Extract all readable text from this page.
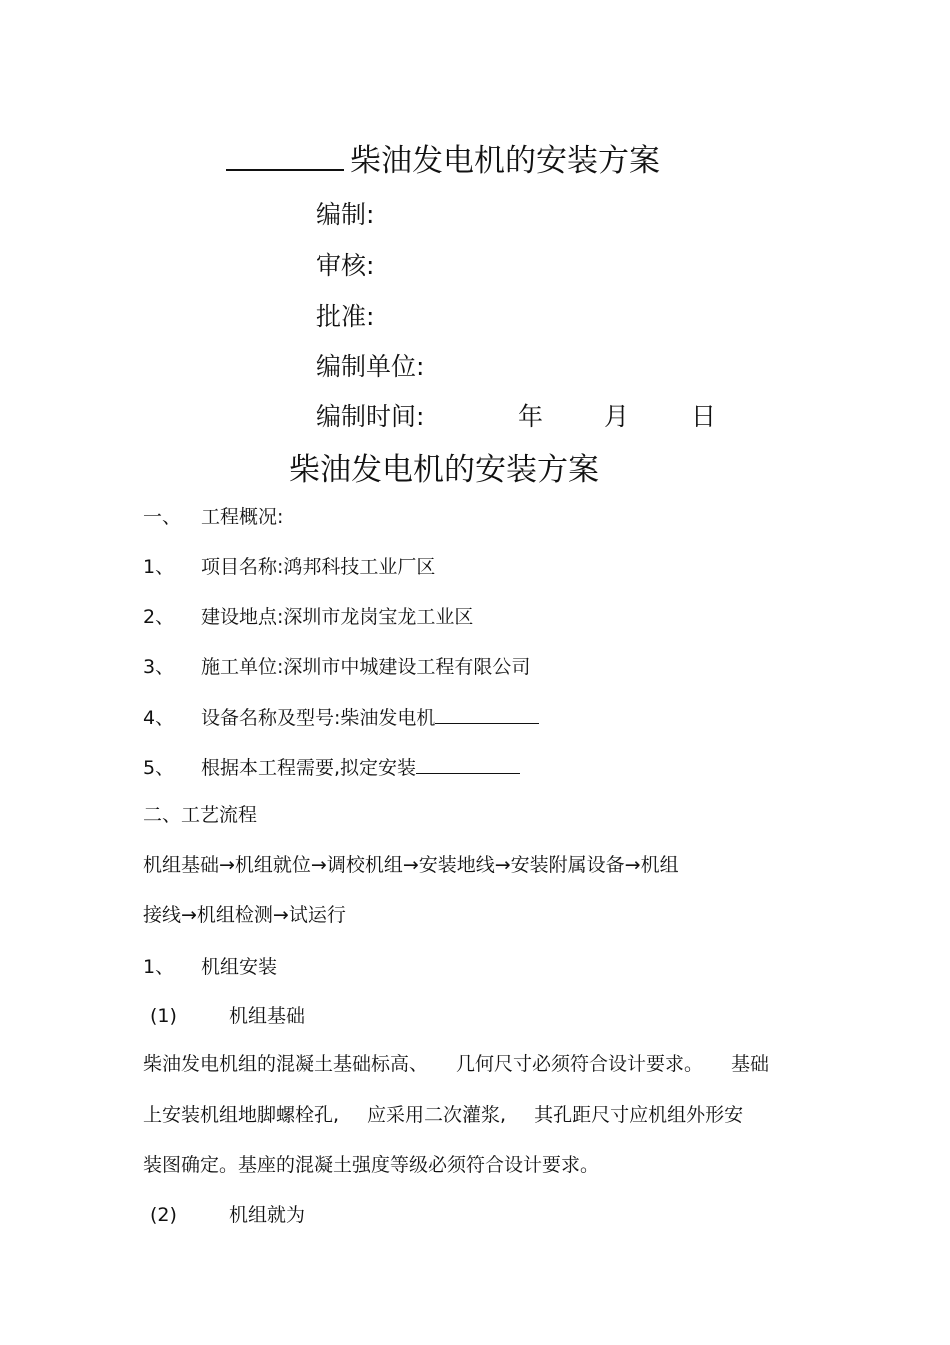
柴油发电机的安装方案
编制:
审核:
批准:
编制单位:
编制时间:	年 月 日
柴油发电机的安装方案
一、 工程概况:
1、 项目名称:鸿邦科技工业厂区
2、 建设地点:深圳市龙岗宝龙工业区
3、 施工单位:深圳市中城建设工程有限公司
4、 设备名称及型号:柴油发电机
5、 根据本工程需要,拟定安装
二、工艺流程
机组基础→机组就位→调校机组→安装地线→安装附属设备→机组
接线→机组检测→试运行
1、 机组安装
(1)	机组基础
柴油发电机组的混凝土基础标高、 几何尺寸必须符合设计要求。 基础
上安装机组地脚螺栓孔, 应采用二次灌浆, 其孔距尺寸应机组外形安
装图确定。基座的混凝土强度等级必须符合设计要求。
(2)	机组就为
